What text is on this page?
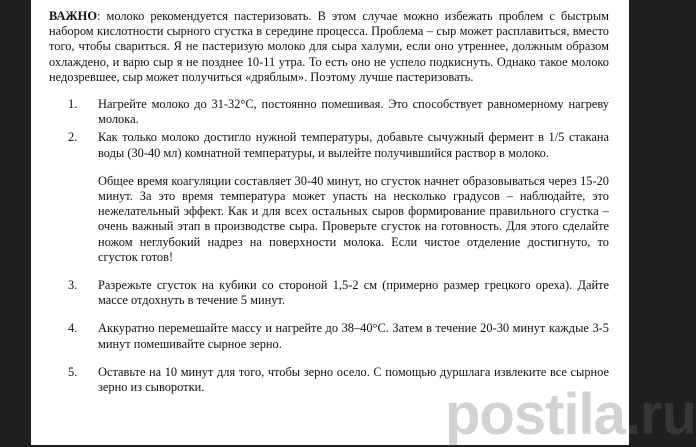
ВАЖНО: молоко рекомендуется пастеризовать. В этом случае можно избежать проблем с быстрым набором кислотности сырного сгустка в середине процесса. Проблема – сыр может расплавиться, вместо того, чтобы свариться. Я не пастеризую молоко для сыра халуми, если оно утреннее, должным образом охлаждено, и варю сыр я не позднее 10-11 утра. То есть оно не успело подкиснуть. Однако такое молоко недозревшее, сыр может получиться «дряблым». Поэтому лучше пастеризовать.

1.	Нагрейте молоко до 31-32°С, постоянно помешивая. Это способствует равномерному нагреву молока.
2.	Как только молоко достигло нужной температуры, добавьте сычужный фермент в 1/5 стакана воды (30-40 мл) комнатной температуры, и вылейте получившийся раствор в молоко.

Общее время коагуляции составляет 30-40 минут, но сгусток начнет образовываться через 15-20 минут. За это время температура может упасть на несколько градусов – наблюдайте, это нежелательный эффект. Как и для всех остальных сыров формирование правильного сгустка – очень важный этап в производстве сыра. Проверьте сгусток на готовность. Для этого сделайте ножом неглубокий надрез на поверхности молока. Если чистое отделение достигнуто, то сгусток готов!

3.	Разрежьте сгусток на кубики со стороной 1,5-2 см (примерно размер грецкого ореха). Дайте массе отдохнуть в течение 5 минут.
4.	Аккуратно перемешайте массу и нагрейте до 38–40°С. Затем в течение 20-30 минут каждые 3-5 минут помешивайте сырное зерно.
5.	Оставьте на 10 минут для того, чтобы зерно осело. С помощью дуршлага извлеките все сырное зерно из сыворотки.	postila.ru
